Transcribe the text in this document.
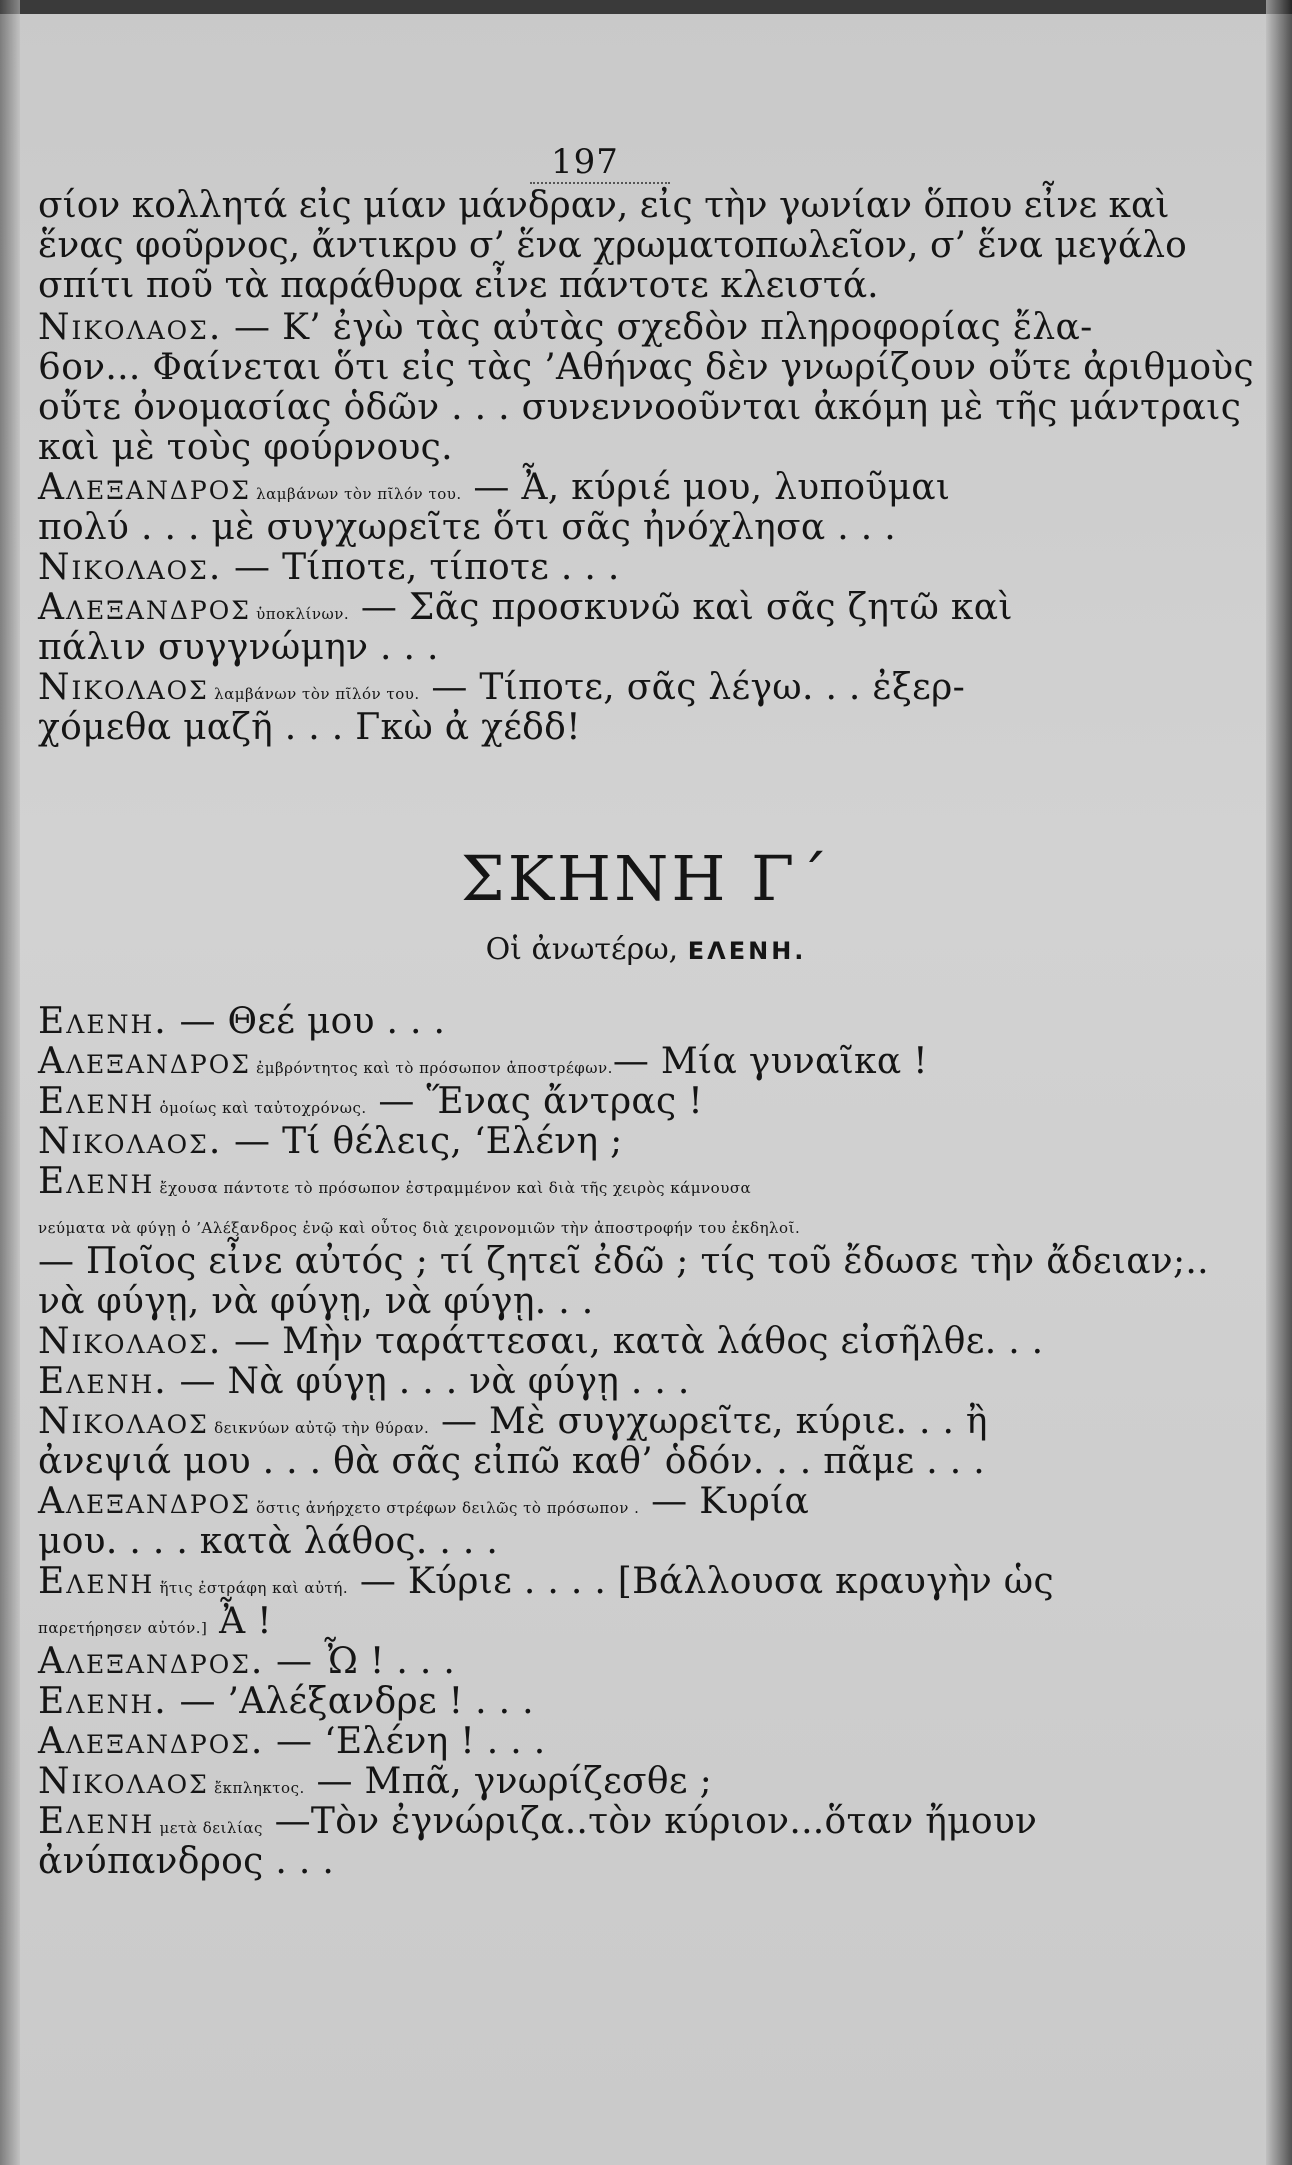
197
σίον κολλητά εἰς μίαν μάνδραν, εἰς τὴν γωνίαν ὅπου εἶνε καὶ
ἕνας φοῦρνος, ἄντικρυ σ’ ἕνα χρωματοπωλεῖον, σ’ ἕνα μεγάλο
σπίτι ποῦ τὰ παράθυρα εἶνε πάντοτε κλειστά.
Νικολαος. — Κ’ ἐγὼ τὰς αὐτὰς σχεδὸν πληροφορίας ἔλα-
6ον... Φαίνεται ὅτι εἰς τὰς ’Αθήνας δὲν γνωρίζουν οὔτε ἀριθμοὺς
οὔτε ὀνομασίας ὁδῶν . . . συνεννοοῦνται ἀκόμη μὲ τῆς μάντραις
καὶ μὲ τοὺς φούρνους.
Αλεξανδρος λαμβάνων τὸν πῖλόν του. — Ἆ, κύριέ μου, λυποῦμαι
πολύ . . . μὲ συγχωρεῖτε ὅτι σᾶς ἠνόχλησα . . .
Νικολαος. — Τίποτε, τίποτε . . .
Αλεξανδρος ὑποκλίνων. — Σᾶς προσκυνῶ καὶ σᾶς ζητῶ καὶ
πάλιν συγγνώμην . . .
Νικολαος λαμβάνων τὸν πῖλόν του. — Τίποτε, σᾶς λέγω. . . ἐξερ-
χόμεθα μαζῆ . . . Γκὼ ἀ χέδδ!
ΣΚΗΝΗ Γ΄
Οἱ ἀνωτέρω, ΕΛΕΝΗ.
Ελενη. — Θεέ μου . . .
Αλεξανδρος ἐμβρόντητος καὶ τὸ πρόσωπον ἀποστρέφων.— Μία γυναῖκα !
Ελενη ὁμοίως καὶ ταὐτοχρόνως. — Ἕνας ἄντρας !
Νικολαος. — Τί θέλεις, ‘Ελένη ;
Ελενη ἔχουσα πάντοτε τὸ πρόσωπον ἐστραμμένον καὶ διὰ τῆς χειρὸς κάμνουσα
νεύματα νὰ φύγῃ ὁ ’Αλέξανδρος ἐνῷ καὶ οὗτος διὰ χειρονομιῶν τὴν ἀποστροφήν του ἐκδηλοῖ.
— Ποῖος εἶνε αὐτός ; τί ζητεῖ ἐδῶ ; τίς τοῦ ἔδωσε τὴν ἄδειαν;..
νὰ φύγῃ, νὰ φύγῃ, νὰ φύγῃ. . .
Νικολαος. — Μὴν ταράττεσαι, κατὰ λάθος εἰσῆλθε. . .
Ελενη. — Νὰ φύγῃ . . . νὰ φύγῃ . . .
Νικολαος δεικνύων αὐτῷ τὴν θύραν. — Μὲ συγχωρεῖτε, κύριε. . . ἢ
ἀνεψιά μου . . . θὰ σᾶς εἰπῶ καθ’ ὁδόν. . . πᾶμε . . .
Αλεξανδρος ὅστις ἀνήρχετο στρέφων δειλῶς τὸ πρόσωπον . — Κυρία
μου. . . . κατὰ λάθος. . . .
Ελενη ἥτις ἐστράφη καὶ αὐτή. — Κύριε . . . . [Βάλλουσα κραυγὴν ὡς
παρετήρησεν αὐτόν.] Ἆ !
Αλεξανδρος. — Ὦ ! . . .
Ελενη. — ’Αλέξανδρε ! . . .
Αλεξανδρος. — ‘Ελένη ! . . .
Νικολαος ἔκπληκτος. — Μπᾶ, γνωρίζεσθε ;
Ελενη μετὰ δειλίας —Τὸν ἐγνώριζα..τὸν κύριον...ὅταν ἤμουν
ἀνύπανδρος . . .
